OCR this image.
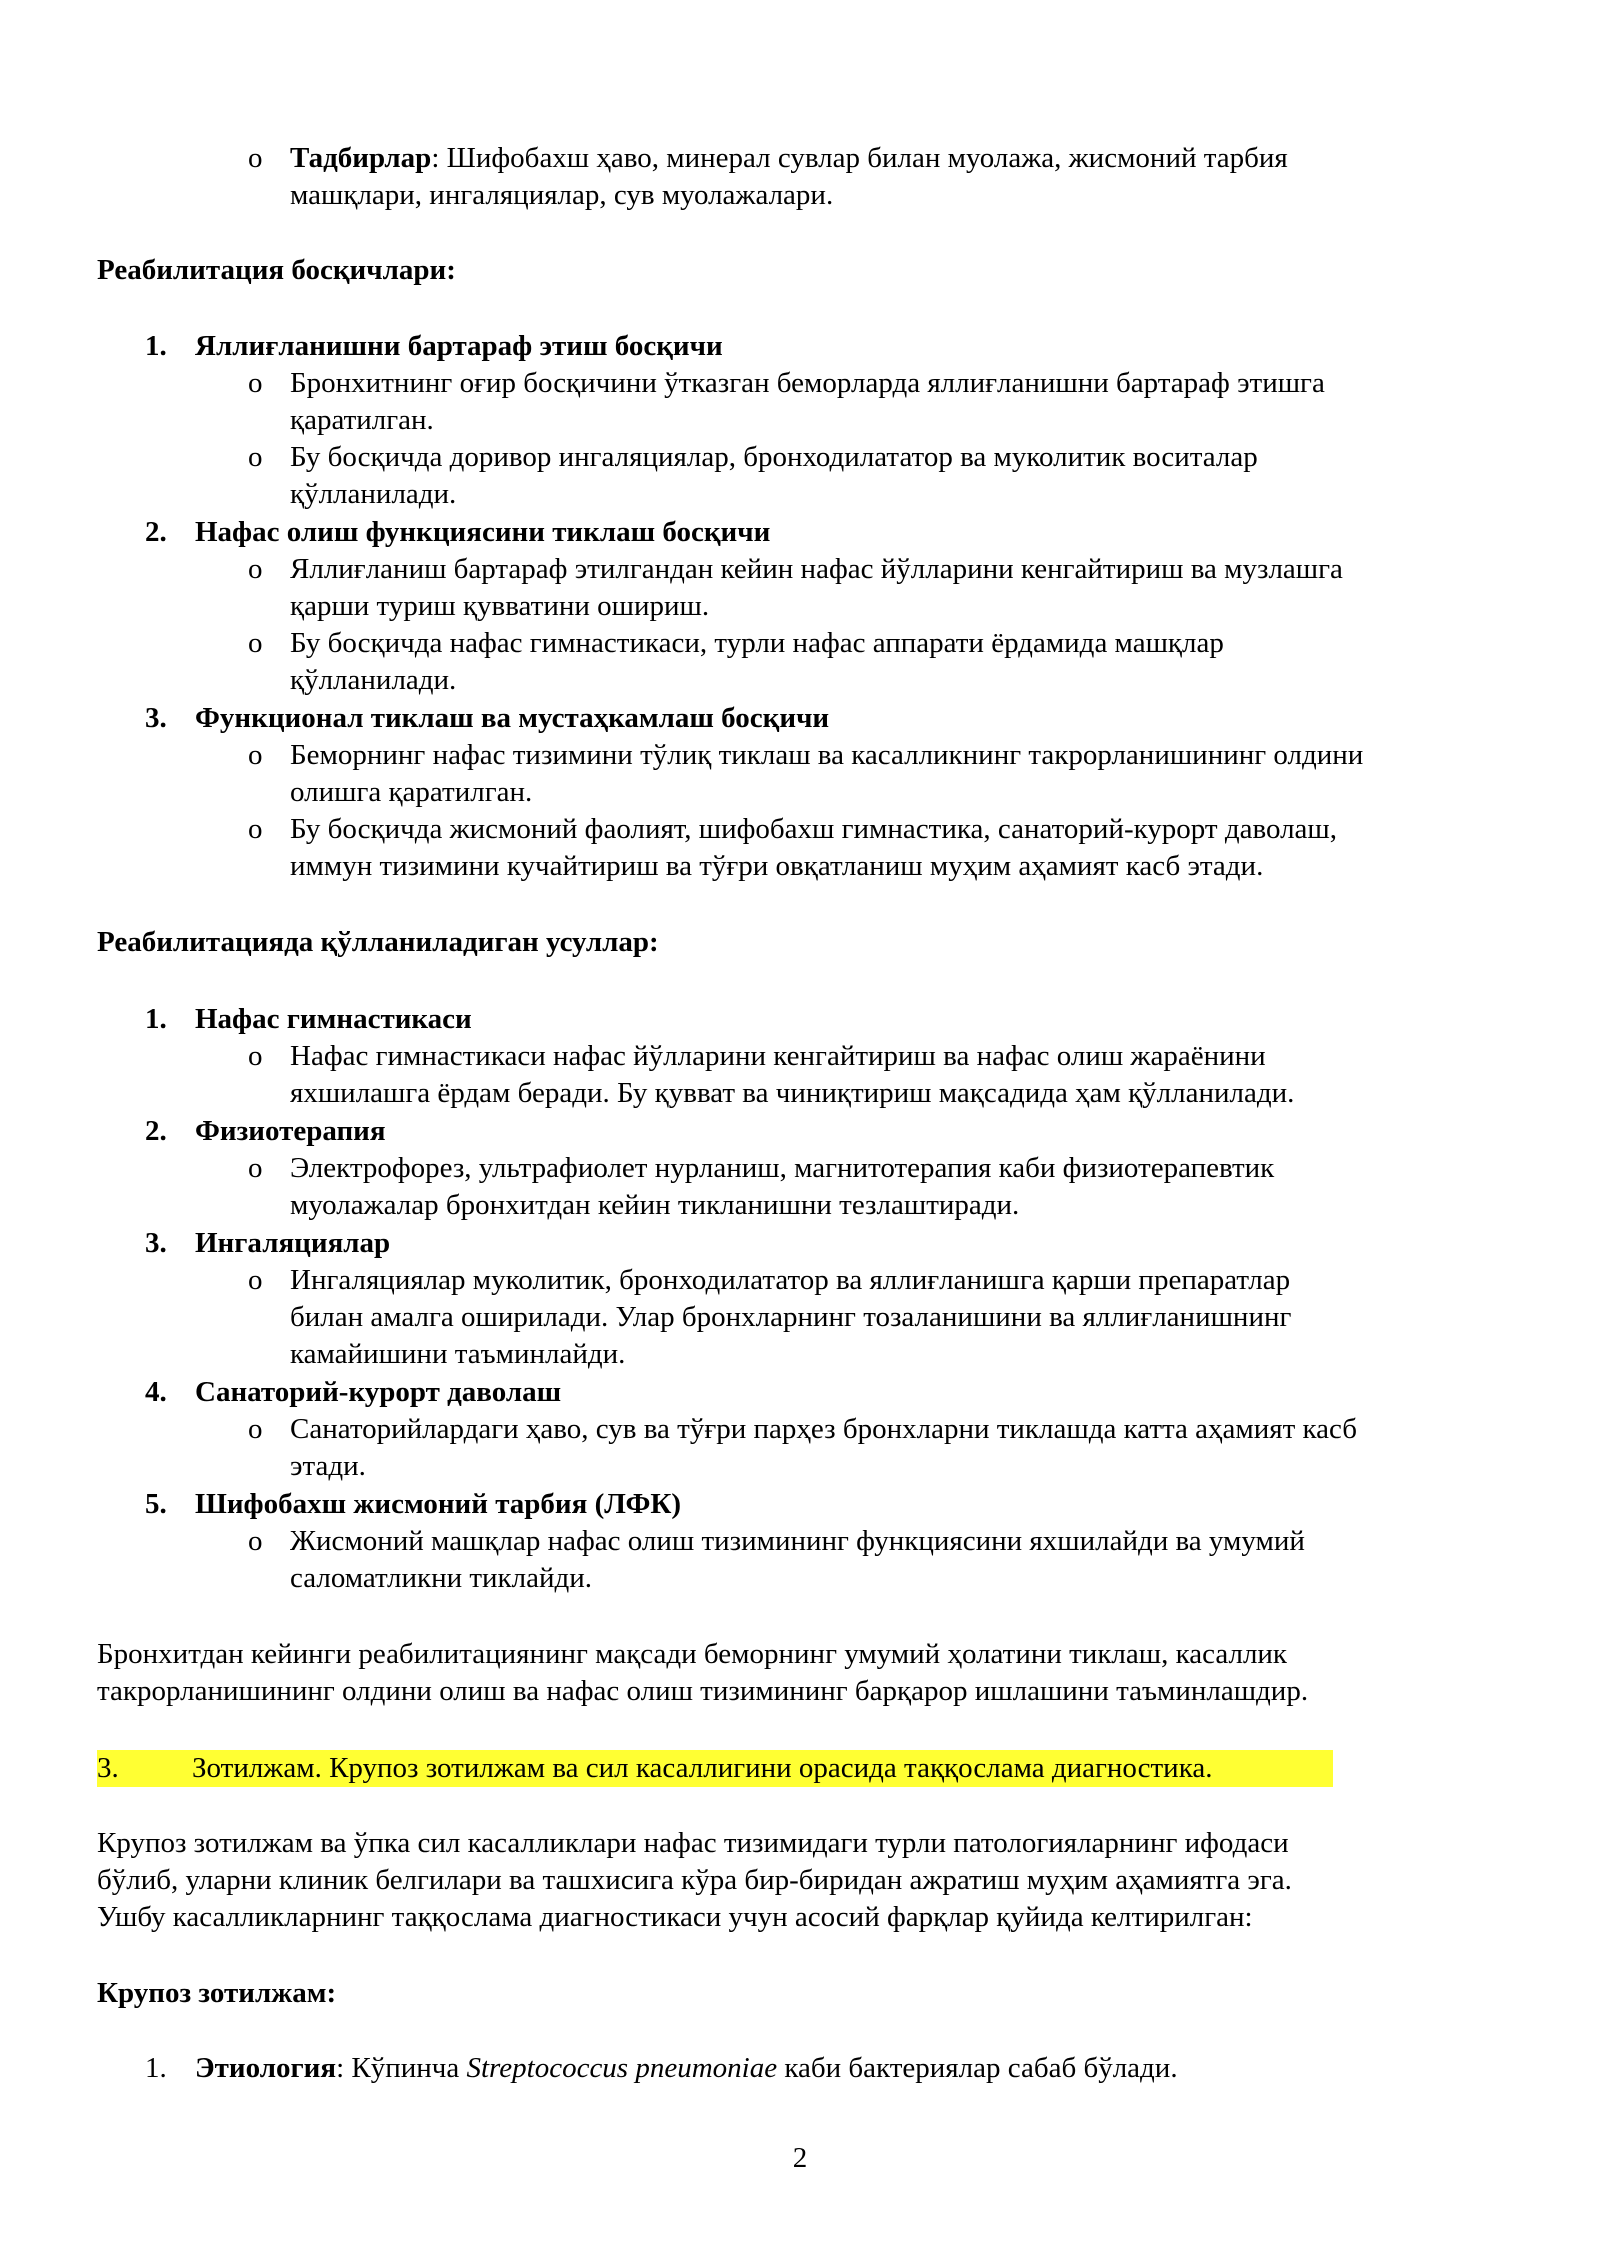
o Тадбирлар: Шифобахш ҳаво, минерал сувлар билан муолажа, жисмоний тарбия
машқлари, ингаляциялар, сув муолажалари.
Реабилитация босқичлари:
1. Яллиғланишни бартараф этиш босқичи
o Бронхитнинг оғир босқичини ўтказган беморларда яллиғланишни бартараф этишга
қаратилган.
o Бу босқичда доривор ингаляциялар, бронходилататор ва муколитик воситалар
қўлланилади.
2. Нафас олиш функциясини тиклаш босқичи
o Яллиғланиш бартараф этилгандан кейин нафас йўлларини кенгайтириш ва музлашга
қарши туриш қувватини ошириш.
o Бу босқичда нафас гимнастикаси, турли нафас аппарати ёрдамида машқлар
қўлланилади.
3. Функционал тиклаш ва мустаҳкамлаш босқичи
o Беморнинг нафас тизимини тўлиқ тиклаш ва касалликнинг такрорланишининг олдини
олишга қаратилган.
o Бу босқичда жисмоний фаолият, шифобахш гимнастика, санаторий-курорт даволаш,
иммун тизимини кучайтириш ва тўғри овқатланиш муҳим аҳамият касб этади.
Реабилитацияда қўлланиладиган усуллар:
1. Нафас гимнастикаси
o Нафас гимнастикаси нафас йўлларини кенгайтириш ва нафас олиш жараёнини
яхшилашга ёрдам беради. Бу қувват ва чиниқтириш мақсадида ҳам қўлланилади.
2. Физиотерапия
o Электрофорез, ультрафиолет нурланиш, магнитотерапия каби физиотерапевтик
муолажалар бронхитдан кейин тикланишни тезлаштиради.
3. Ингаляциялар
o Ингаляциялар муколитик, бронходилататор ва яллиғланишга қарши препаратлар
билан амалга оширилади. Улар бронхларнинг тозаланишини ва яллиғланишнинг
камайишини таъминлайди.
4. Санаторий-курорт даволаш
o Санаторийлардаги ҳаво, сув ва тўғри парҳез бронхларни тиклашда катта аҳамият касб
этади.
5. Шифобахш жисмоний тарбия (ЛФК)
o Жисмоний машқлар нафас олиш тизимининг функциясини яхшилайди ва умумий
саломатликни тиклайди.
Бронхитдан кейинги реабилитациянинг мақсади беморнинг умумий ҳолатини тиклаш, касаллик
такрорланишининг олдини олиш ва нафас олиш тизимининг барқарор ишлашини таъминлашдир.
3.	Зотилжам. Крупоз зотилжам ва сил касаллигини орасида таққослама диагностика.
Крупоз зотилжам ва ўпка сил касалликлари нафас тизимидаги турли патологияларнинг ифодаси
бўлиб, уларни клиник белгилари ва ташхисига кўра бир-биридан ажратиш муҳим аҳамиятга эга.
Ушбу касалликларнинг таққослама диагностикаси учун асосий фарқлар қуйида келтирилган:
Крупоз зотилжам:
1. Этиология: Кўпинча Streptococcus pneumoniae каби бактериялар сабаб бўлади.
2
